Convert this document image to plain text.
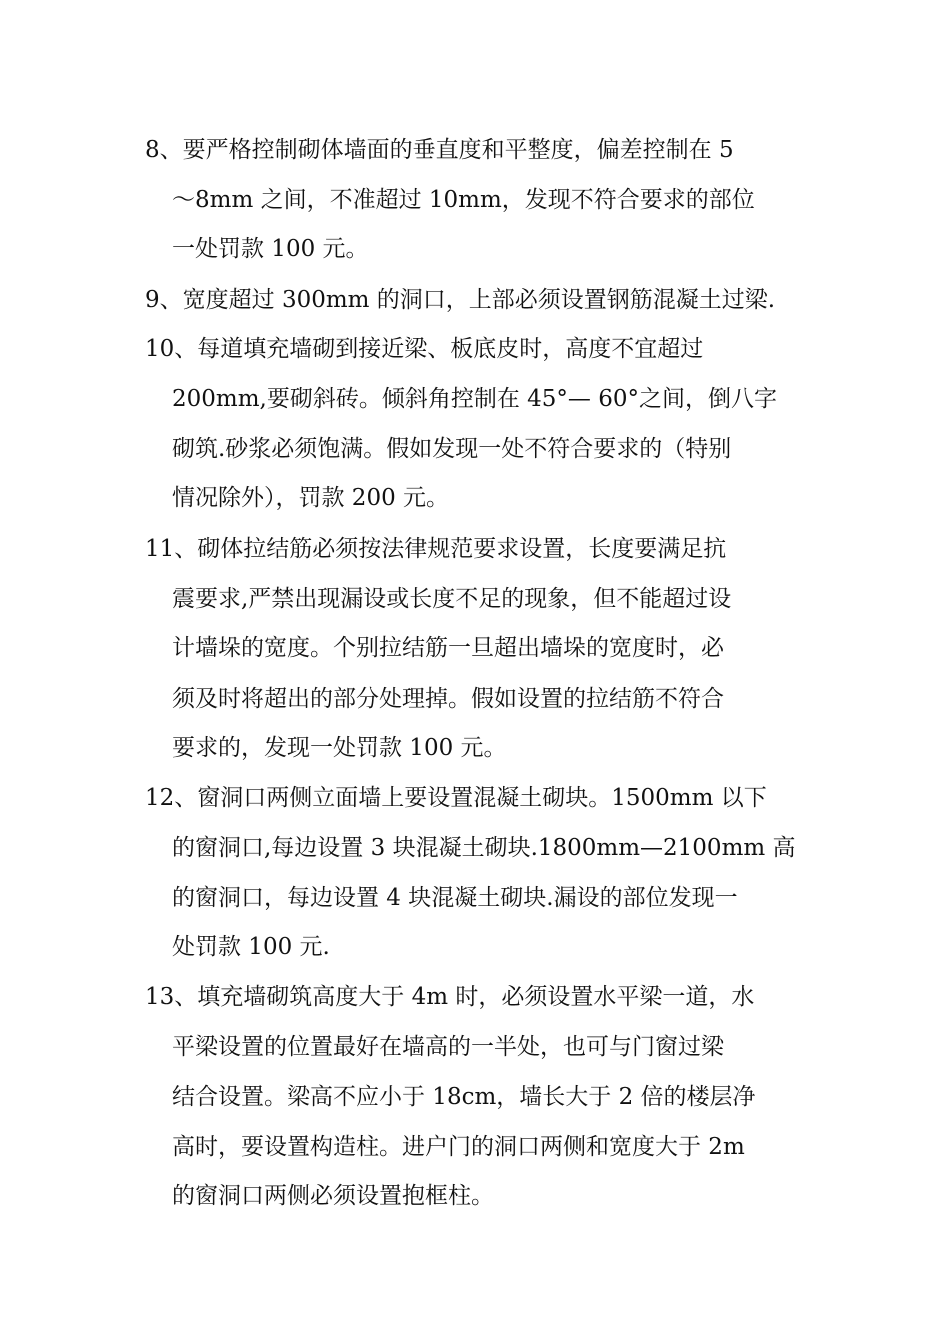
8、要严格控制砌体墙面的垂直度和平整度，偏差控制在 5
～8mm 之间，不准超过 10mm，发现不符合要求的部位
一处罚款 100 元。
9、宽度超过 300mm 的洞口，上部必须设置钢筋混凝土过梁.
10、每道填充墙砌到接近梁、板底皮时，高度不宜超过
200mm,要砌斜砖。倾斜角控制在 45°— 60°之间，倒八字
砌筑.砂浆必须饱满。假如发现一处不符合要求的（特别
情况除外），罚款 200 元。
11、砌体拉结筋必须按法律规范要求设置，长度要满足抗
震要求,严禁出现漏设或长度不足的现象，但不能超过设
计墙垛的宽度。个别拉结筋一旦超出墙垛的宽度时，必
须及时将超出的部分处理掉。假如设置的拉结筋不符合
要求的，发现一处罚款 100 元。
12、窗洞口两侧立面墙上要设置混凝土砌块。1500mm 以下
的窗洞口,每边设置 3 块混凝土砌块.1800mm—2100mm 高
的窗洞口，每边设置 4 块混凝土砌块.漏设的部位发现一
处罚款 100 元.
13、填充墙砌筑高度大于 4m 时，必须设置水平梁一道，水
平梁设置的位置最好在墙高的一半处，也可与门窗过梁
结合设置。梁高不应小于 18cm，墙长大于 2 倍的楼层净
高时，要设置构造柱。进户门的洞口两侧和宽度大于 2m
的窗洞口两侧必须设置抱框柱。
